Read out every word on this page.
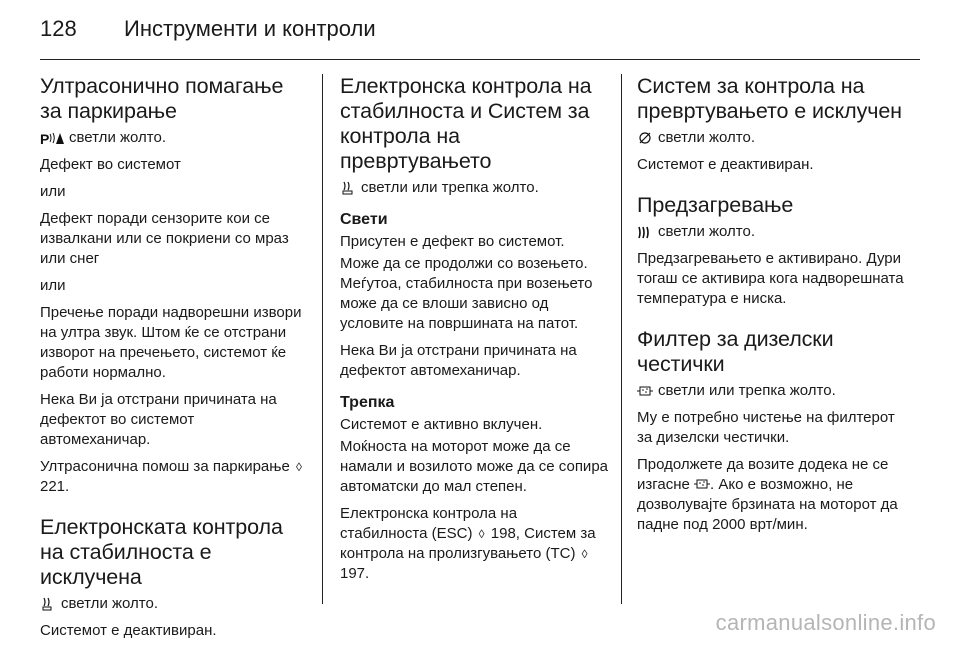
128 Инструменти и контроли
Ултрасонично помагање за паркирање

P светли жолто.

Дефект во системот

или

Дефект поради сензорите кои се извалкани или се покриени со мраз или снег

или

Пречење поради надворешни извори на ултра звук. Штом ќе се отстрани изворот на пречењето, системот ќе работи нормално.

Нека Ви ја отстрани причината на дефектот во системот автомеханичар.

Ултрасонична помош за паркирање ◊ 221.

Електронската контрола на стабилноста е исклучена

светли жолто.

Системот е деактивиран.

Електронска контрола на стабилноста и Систем за контрола на превртувањето

светли или трепка жолто.

Свети

Присутен е дефект во системот.

Може да се продолжи со возењето. Меѓутоа, стабилноста при возењето може да се влоши зависно од условите на површината на патот.

Нека Ви ја отстрани причината на дефектот автомеханичар.

Трепка

Системот е активно вклучен.

Моќноста на моторот може да се намали и возилото може да се сопира автоматски до мал степен.

Електронска контрола на стабилноста (ESC) ◊ 198, Систем за контрола на пролизгувањето (TC) ◊ 197.

Систем за контрола на превртувањето е исклучен

светли жолто.

Системот е деактивиран.

Предзагревање

светли жолто.

Предзагревањето е активирано. Дури тогаш се активира кога надворешната температура е ниска.

Филтер за дизелски честички

светли или трепка жолто.

Му е потребно чистење на филтерот за дизелски честички.

Продолжете да возите додека не се изгасне . Ако е возможно, не дозволувајте брзината на моторот да падне под 2000 врт/мин.

carmanualsonline.info
